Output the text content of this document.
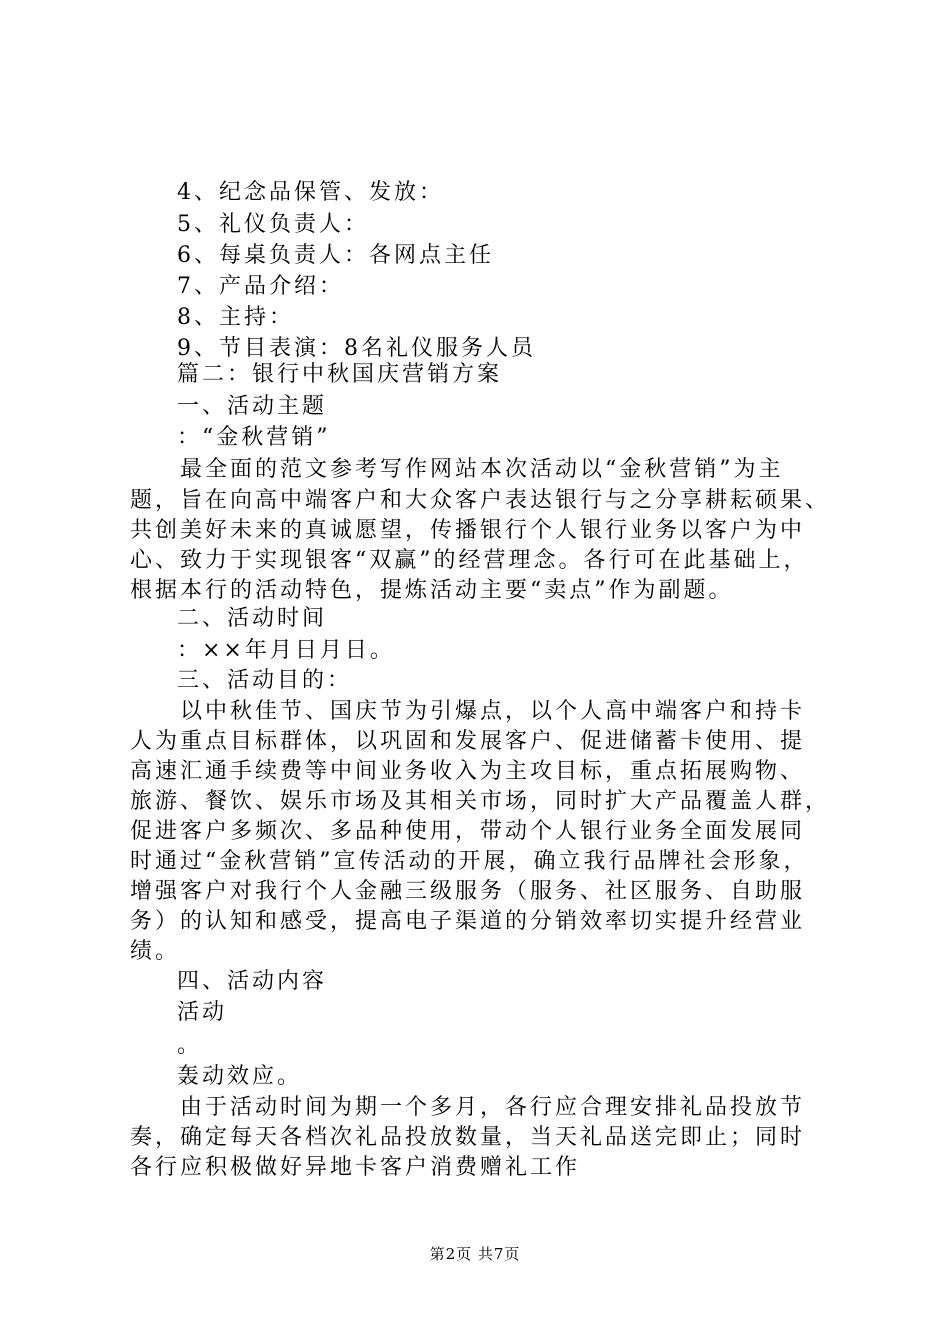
4、纪念品保管、发放：
5、礼仪负责人：
6、每桌负责人：各网点主任
7、产品介绍：
8、主持：
9、节目表演：8名礼仪服务人员
篇二：银行中秋国庆营销方案
一、活动主题
：“金秋营销”
最全面的范文参考写作网站本次活动以“金秋营销”为主
题，旨在向高中端客户和大众客户表达银行与之分享耕耘硕果、
共创美好未来的真诚愿望，传播银行个人银行业务以客户为中
心、致力于实现银客“双赢”的经营理念。各行可在此基础上，
根据本行的活动特色，提炼活动主要“卖点”作为副题。
二、活动时间
：××年月日月日。
三、活动目的：
以中秋佳节、国庆节为引爆点，以个人高中端客户和持卡
人为重点目标群体，以巩固和发展客户、促进储蓄卡使用、提
高速汇通手续费等中间业务收入为主攻目标，重点拓展购物、
旅游、餐饮、娱乐市场及其相关市场，同时扩大产品覆盖人群，
促进客户多频次、多品种使用，带动个人银行业务全面发展同
时通过“金秋营销”宣传活动的开展，确立我行品牌社会形象，
增强客户对我行个人金融三级服务（服务、社区服务、自助服
务）的认知和感受，提高电子渠道的分销效率切实提升经营业
绩。
四、活动内容
活动
。
轰动效应。
由于活动时间为期一个多月，各行应合理安排礼品投放节
奏，确定每天各档次礼品投放数量，当天礼品送完即止；同时
各行应积极做好异地卡客户消费赠礼工作
第2页 共7页
